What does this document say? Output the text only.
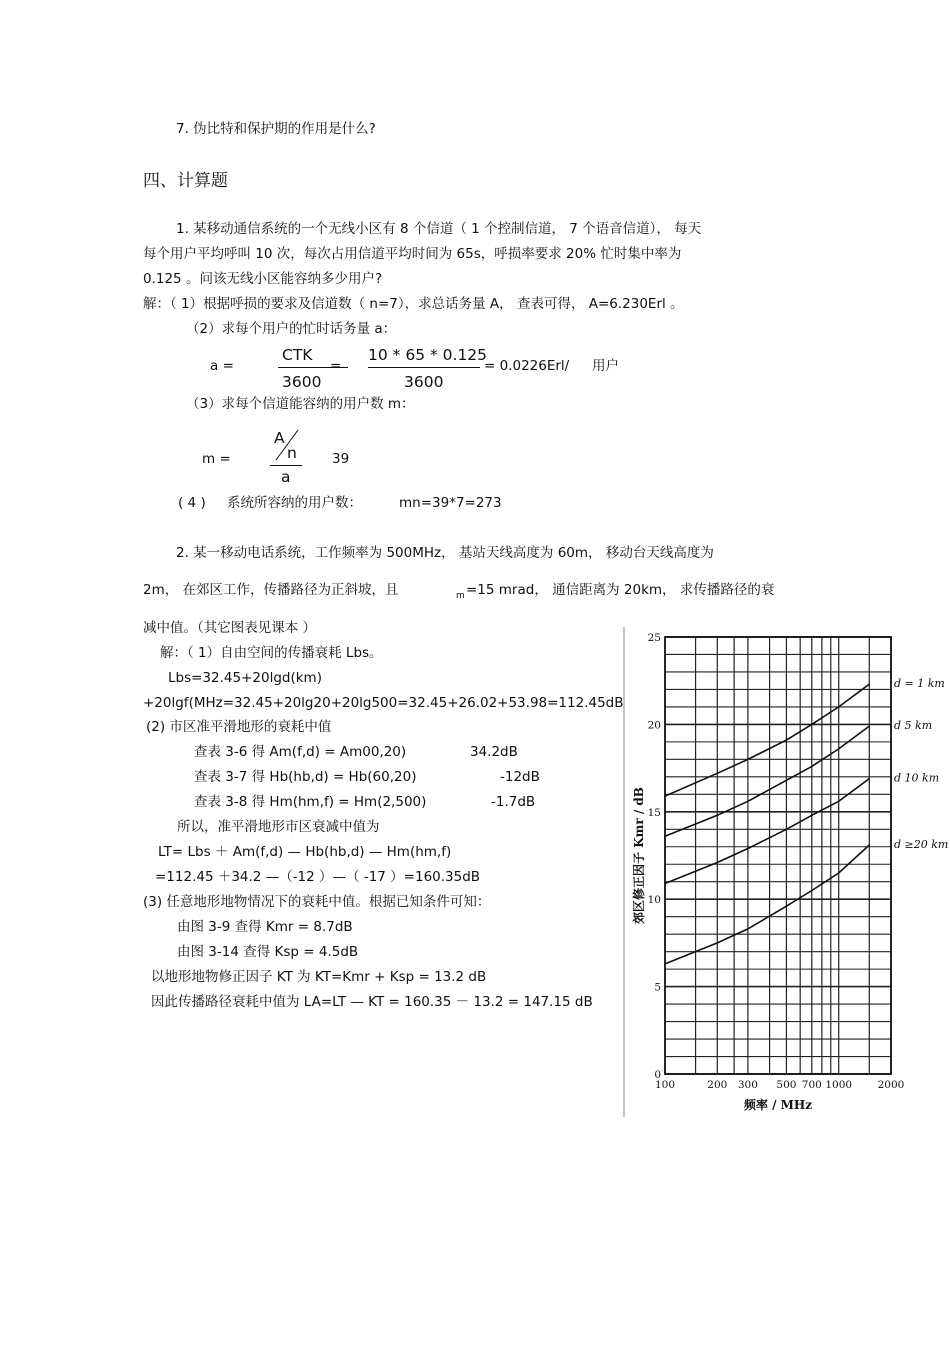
7. 伪比特和保护期的作用是什么?
四、计算题
1. 某移动通信系统的一个无线小区有 8 个信道（ 1 个控制信道， 7 个语音信道）， 每天
每个用户平均呼叫 10 次，每次占用信道平均时间为 65s，呼损率要求 20% 忙时集中率为
0.125 。问该无线小区能容纳多少用户?
解：（ 1）根据呼损的要求及信道数（ n=7），求总话务量 A， 查表可得， A=6.230Erl 。
（2）求每个用户的忙时话务量 a：
a =
CTK
3600
=
10 * 65 * 0.125
3600
= 0.0226Erl/ 用户
（3）求每个信道能容纳的用户数 m：
m =
A
n
a
39
( 4 ) 系统所容纳的用户数：	mn=39*7=273
2. 某一移动电话系统，工作频率为 500MHz， 基站天线高度为 60m， 移动台天线高度为
2m， 在郊区工作，传播路径为正斜坡，且	m =15 mrad， 通信距离为 20km， 求传播路径的衰
减中值。（其它图表见课本 ）
解：（ 1）自由空间的传播衰耗 Lbs。
Lbs=32.45+20lgd(km)
+20lgf(MHz=32.45+20lg20+20lg500=32.45+26.02+53.98=112.45dB
(2) 市区准平滑地形的衰耗中值
查表 3-6 得 Am(f,d) = Am00,20)	34.2dB
查表 3-7 得 Hb(hb,d) = Hb(60,20)	-12dB
查表 3-8 得 Hm(hm,f) = Hm(2,500)	-1.7dB
所以，准平滑地形市区衰减中值为
LT= Lbs ＋ Am(f,d) — Hb(hb,d) — Hm(hm,f)
=112.45 ＋34.2 —（-12 ）—（ -17 ）=160.35dB
(3) 任意地形地物情况下的衰耗中值。根据已知条件可知：
由图 3-9 查得 Kmr = 8.7dB
由图 3-14 查得 Ksp = 4.5dB
以地形地物修正因子 KT 为 KT=Kmr + Ksp = 13.2 dB
因此传播路径衰耗中值为 LA=LT — KT = 160.35 － 13.2 = 147.15 dB
100	200 300 500 700 1000 2000
0
5
10
15
20
25
频率 / MHz
郊区修正因子 Kmr / dB
d = 1 km
d 5 km
d 10 km
d ≥20 km
